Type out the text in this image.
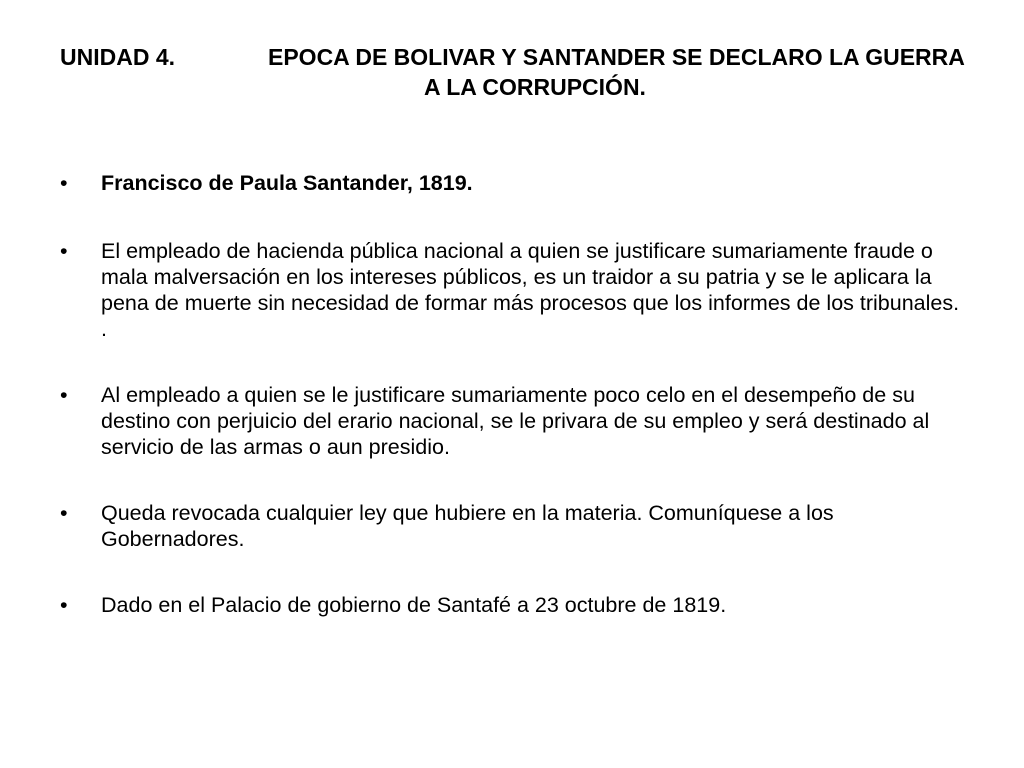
UNIDAD 4.	EPOCA DE BOLIVAR Y SANTANDER SE DECLARO LA GUERRA
A LA CORRUPCIÓN.
•	Francisco de Paula Santander, 1819.
•	El empleado de hacienda pública nacional a quien se justificare sumariamente fraude o mala malversación en los intereses públicos, es un traidor a su patria y se le aplicara la pena de muerte sin necesidad de formar más procesos que los informes de los tribunales. .
•	Al empleado a quien se le justificare sumariamente poco celo en el desempeño de su destino con perjuicio del erario nacional, se le privara de su empleo y será destinado al servicio de las armas o aun presidio.
•	Queda revocada cualquier ley que hubiere en la materia. Comuníquese a los Gobernadores.
•	Dado en el Palacio de gobierno de Santafé a 23 octubre de 1819.
